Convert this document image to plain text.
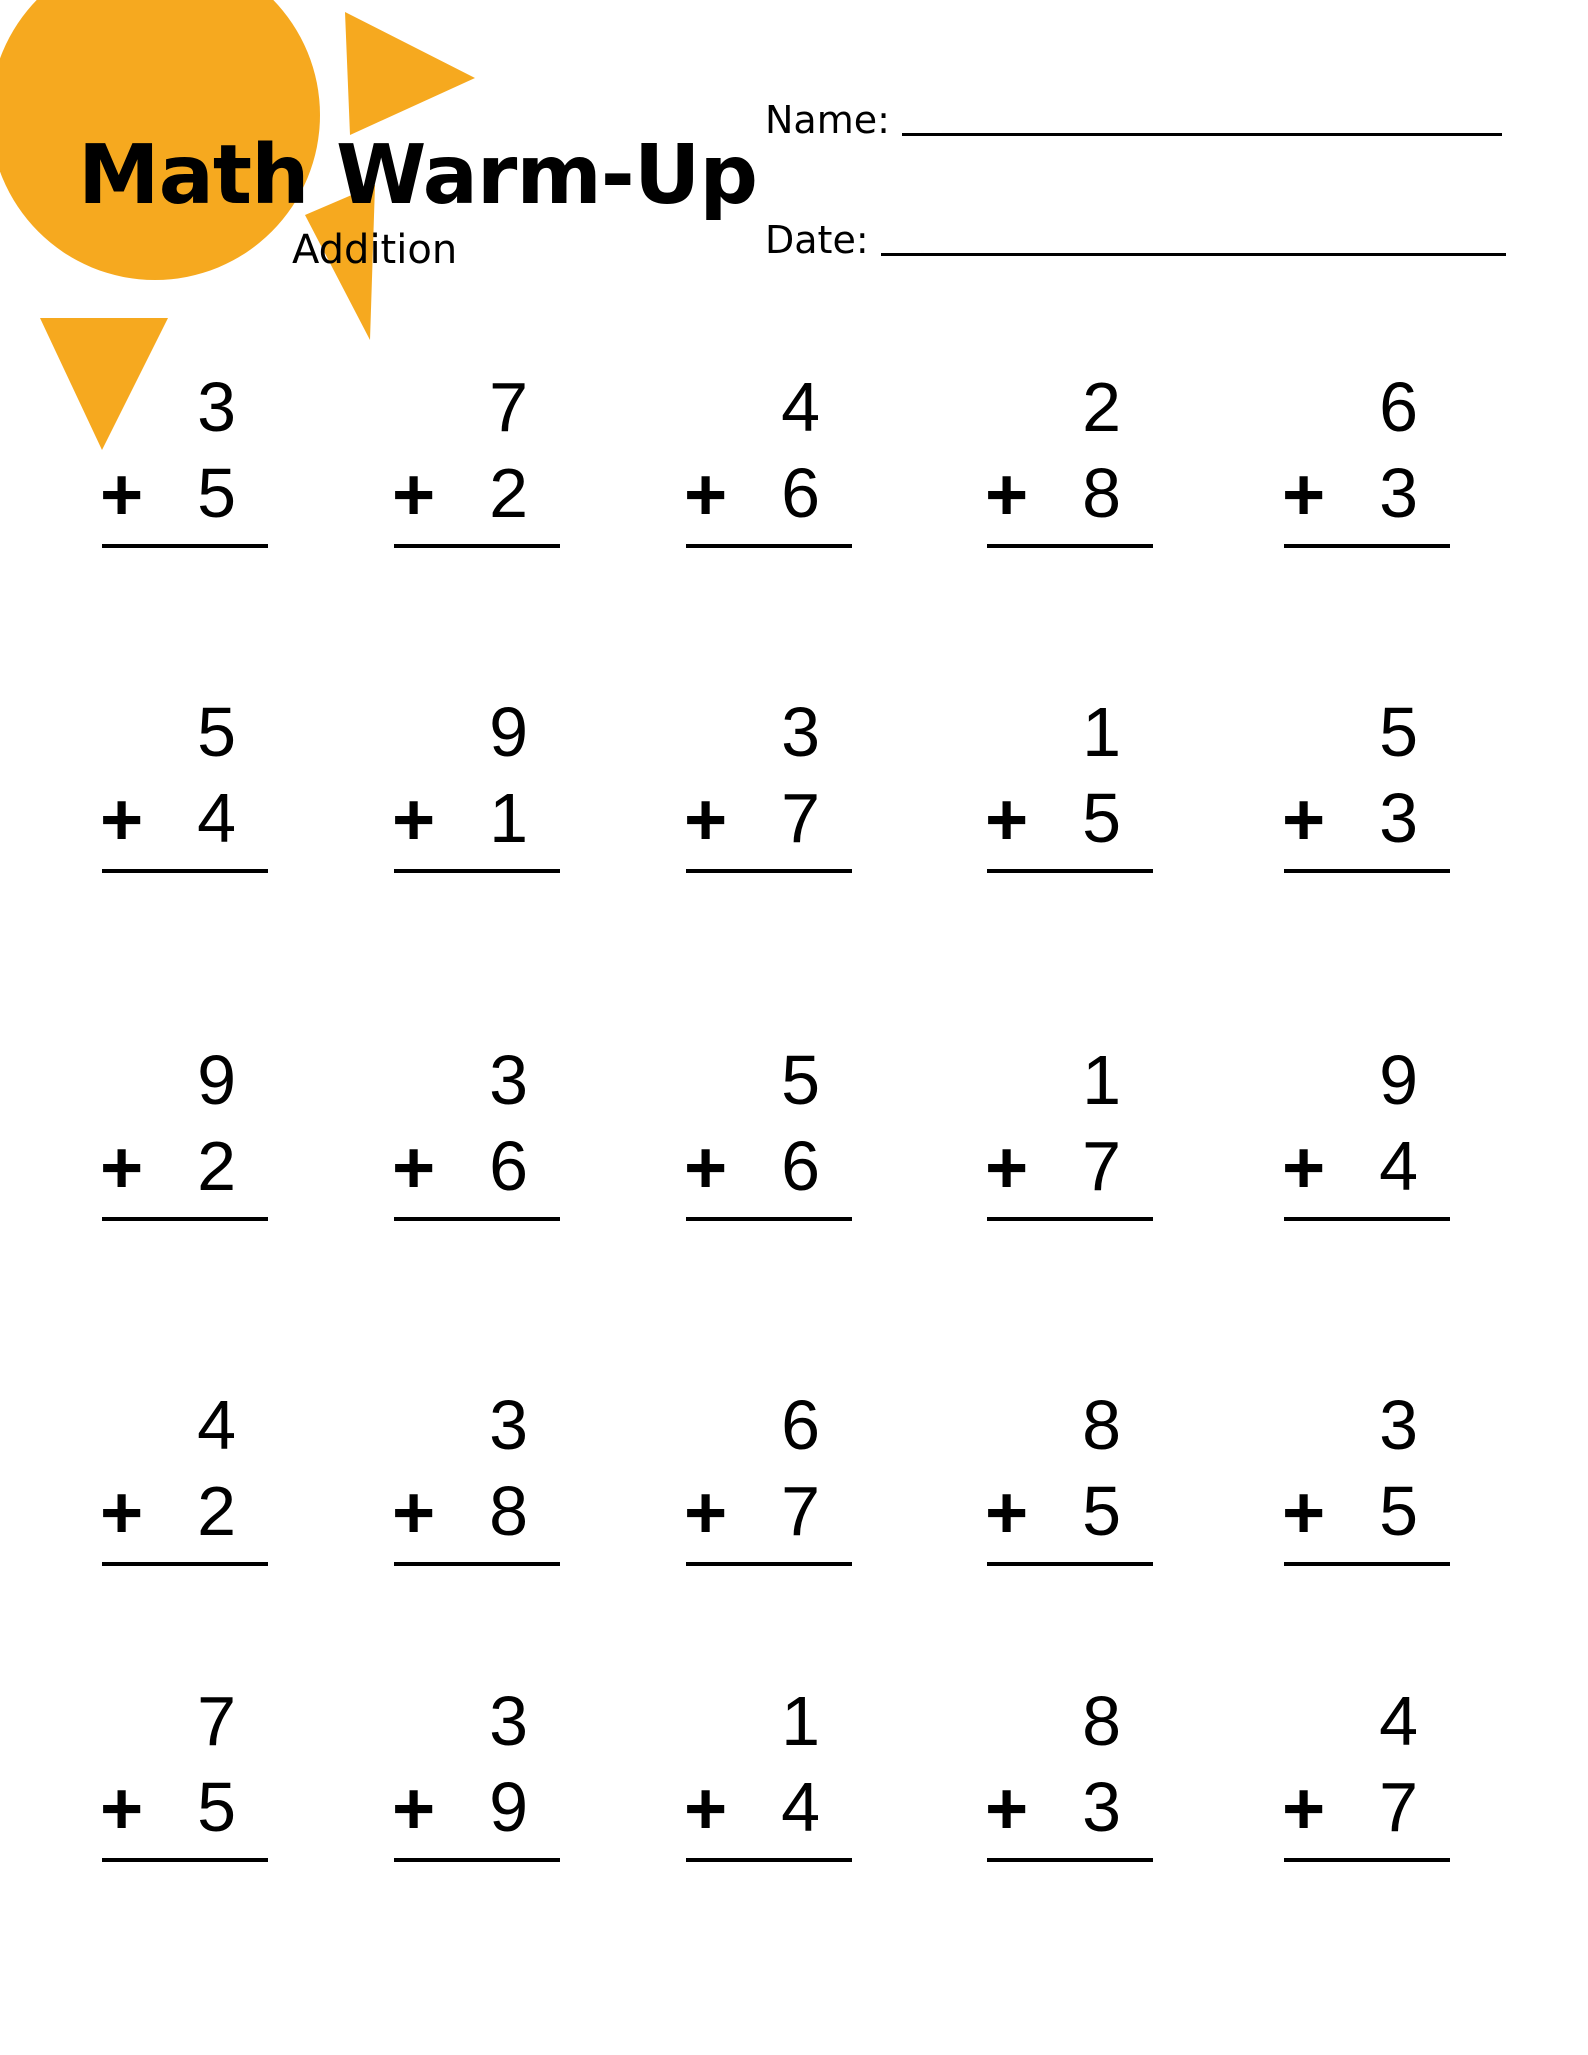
Math Warm-Up
Addition
Name:
Date:
3
+ 5
7
+ 2
4
+ 6
2
+ 8
6
+ 3
5
+ 4
9
+ 1
3
+ 7
1
+ 5
5
+ 3
9
+ 2
3
+ 6
5
+ 6
1
+ 7
9
+ 4
4
+ 2
3
+ 8
6
+ 7
8
+ 5
3
+ 5
7
+ 5
3
+ 9
1
+ 4
8
+ 3
4
+ 7
